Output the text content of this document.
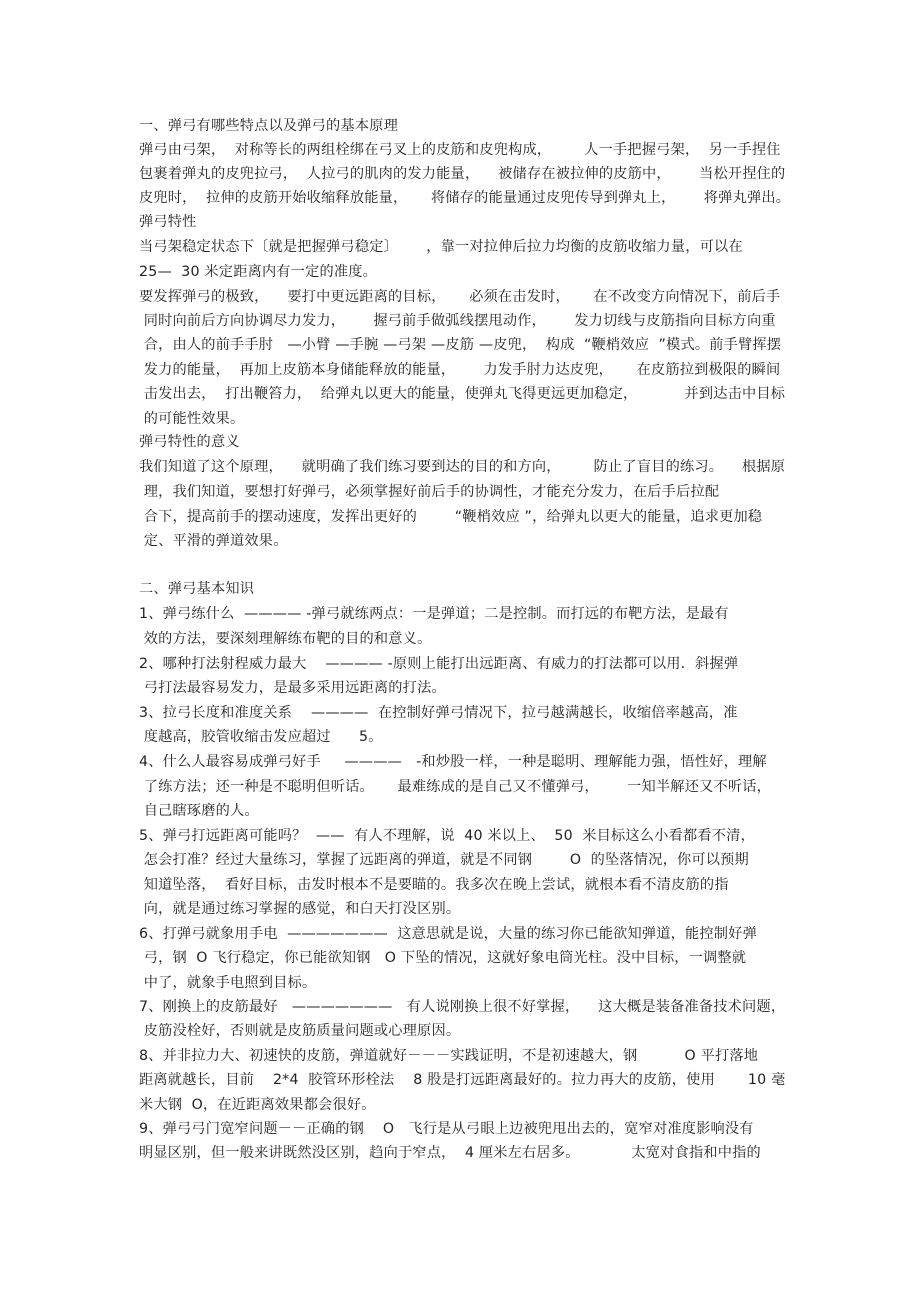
一、弹弓有哪些特点以及弹弓的基本原理
弹弓由弓架，  对称等长的两组栓绑在弓叉上的皮筋和皮兜构成，       人一手把握弓架，  另一手捏住
包裹着弹丸的皮兜拉弓，  人拉弓的肌肉的发力能量，    被储存在被拉伸的皮筋中，      当松开捏住的
皮兜时，  拉伸的皮筋开始收缩释放能量，     将储存的能量通过皮兜传导到弹丸上，      将弹丸弹出。
弹弓特性
当弓架稳定状态下〔就是把握弹弓稳定〕      ，靠一对拉伸后拉力均衡的皮筋收缩力量，可以在
25—  30 米定距离内有一定的准度。
要发挥弹弓的极致，    要打中更远距离的目标，     必须在击发时，     在不改变方向情况下，前后手
同时向前后方向协调尽力发力，      握弓前手做弧线摆甩动作，      发力切线与皮筋指向目标方向重
合，由人的前手手肘   —小臂 —手腕 —弓架 —皮筋 —皮兜，  构成  “鞭梢效应  ”模式。前手臂挥摆
发力的能量，  再加上皮筋本身储能释放的能量，      力发手肘力达皮兜，     在皮筋拉到极限的瞬间
击发出去，  打出鞭笞力，  给弹丸以更大的能量，使弹丸飞得更远更加稳定，          并到达击中目标
的可能性效果。
弹弓特性的意义
我们知道了这个原理，    就明确了我们练习要到达的目的和方向，       防止了盲目的练习。    根据原
理，我们知道，要想打好弹弓，必须掌握好前后手的协调性，才能充分发力，在后手后拉配
合下，提高前手的摆动速度，发挥出更好的        “鞭梢效应 ”，给弹丸以更大的能量，追求更加稳
定、平滑的弹道效果。
二、弹弓基本知识
1、弹弓练什么  ———— -弹弓就练两点：一是弹道；二是控制。而打远的布靶方法，是最有
效的方法，要深刻理解练布靶的目的和意义。
2、哪种打法射程威力最大    ———— -原则上能打出远距离、有威力的打法都可以用．斜握弹
弓打法最容易发力，是最多采用远距离的打法。
3、拉弓长度和准度关系    ————  在控制好弹弓情况下，拉弓越满越长，收缩倍率越高，准
度越高，胶管收缩击发应超过      5。
4、什么人最容易成弹弓好手     ————   -和炒股一样，一种是聪明、理解能力强，悟性好，理解
了练方法；还一种是不聪明但听话。     最难练成的是自己又不懂弹弓，      一知半解还又不听话，
自己瞎琢磨的人。
5、弹弓打远距离可能吗？  ——  有人不理解，说  40 米以上、  50  米目标这么小看都看不清，
怎会打准？经过大量练习，掌握了远距离的弹道，就是不同钢        O  的坠落情况，你可以预期
知道坠落，  看好目标，击发时根本不是要瞄的。我多次在晚上尝试，就根本看不清皮筋的指
向，就是通过练习掌握的感觉，和白天打没区别。
6、打弹弓就象用手电  ———————  这意思就是说，大量的练习你已能欲知弹道，能控制好弹
弓，钢  O 飞行稳定，你已能欲知钢   O 下坠的情况，这就好象电筒光柱。没中目标，一调整就
中了，就象手电照到目标。
7、刚换上的皮筋最好   ———————   有人说刚换上很不好掌握，    这大概是装备准备技术问题，
皮筋没栓好，否则就是皮筋质量问题或心理原因。
8、并非拉力大、初速快的皮筋，弹道就好－－－实践证明，不是初速越大，钢          O 平打落地
距离就越长，目前    2*4  胶管环形栓法    8 股是打远距离最好的。拉力再大的皮筋，使用       10 毫
米大钢  O，在近距离效果都会很好。
9、弹弓弓门宽窄问题－－正确的钢    O   飞行是从弓眼上边被兜甩出去的，宽窄对准度影响没有
明显区别，但一般来讲既然没区别，趋向于窄点，  4 厘米左右居多。           太宽对食指和中指的
